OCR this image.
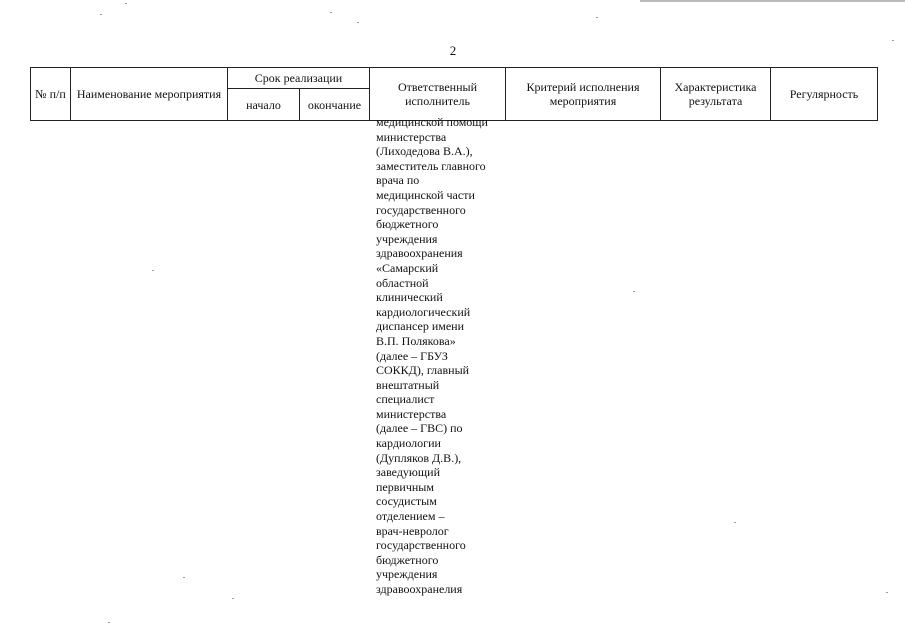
2
№ п/п	Наименование мероприятия	Срок реализации		Ответственный исполнитель	Критерий исполнения мероприятия	Характеристика результата	Регулярность
		начало	окончание				
медицинской помощи
министерства
(Лиходедова В.А.),
заместитель главного
врача по
медицинской части
государственного
бюджетного
учреждения
здравоохранения
«Самарский
областной
клинический
кардиологический
диспансер имени
В.П. Полякова»
(далее – ГБУЗ
СОККД), главный
внештатный
специалист
министерства
(далее – ГВС) по
кардиологии
(Дупляков Д.В.),
заведующий
первичным
сосудистым
отделением –
врач-невролог
государственного
бюджетного
учреждения
здравоохранелия
